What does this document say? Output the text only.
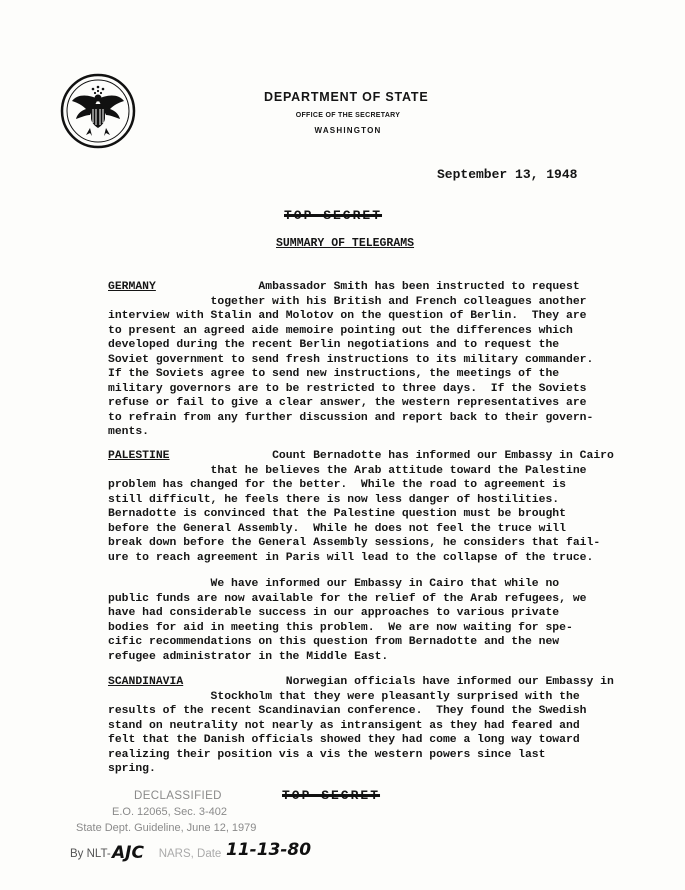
DEPARTMENT OF STATE
OFFICE OF THE SECRETARY
WASHINGTON
September 13, 1948
TOP SECRET
SUMMARY OF TELEGRAMS
GERMANY	Ambassador Smith has been instructed to request
together with his British and French colleagues another
interview with Stalin and Molotov on the question of Berlin.  They are
to present an agreed aide memoire pointing out the differences which
developed during the recent Berlin negotiations and to request the
Soviet government to send fresh instructions to its military commander.
If the Soviets agree to send new instructions, the meetings of the
military governors are to be restricted to three days.  If the Soviets
refuse or fail to give a clear answer, the western representatives are
to refrain from any further discussion and report back to their govern-
ments.
PALESTINE	Count Bernadotte has informed our Embassy in Cairo
that he believes the Arab attitude toward the Palestine
problem has changed for the better.  While the road to agreement is
still difficult, he feels there is now less danger of hostilities.
Bernadotte is convinced that the Palestine question must be brought
before the General Assembly.  While he does not feel the truce will
break down before the General Assembly sessions, he considers that fail-
ure to reach agreement in Paris will lead to the collapse of the truce.
We have informed our Embassy in Cairo that while no
public funds are now available for the relief of the Arab refugees, we
have had considerable success in our approaches to various private
bodies for aid in meeting this problem.  We are now waiting for spe-
cific recommendations on this question from Bernadotte and the new
refugee administrator in the Middle East.
SCANDINAVIA	Norwegian officials have informed our Embassy in
Stockholm that they were pleasantly surprised with the
results of the recent Scandinavian conference.  They found the Swedish
stand on neutrality not nearly as intransigent as they had feared and
felt that the Danish officials showed they had come a long way toward
realizing their position vis a vis the western powers since last
spring.
TOP SECRET
DECLASSIFIED
E.O. 12065, Sec. 3-402
State Dept. Guideline, June 12, 1979
By NLT-	NARS, Date
AJC	11-13-80
